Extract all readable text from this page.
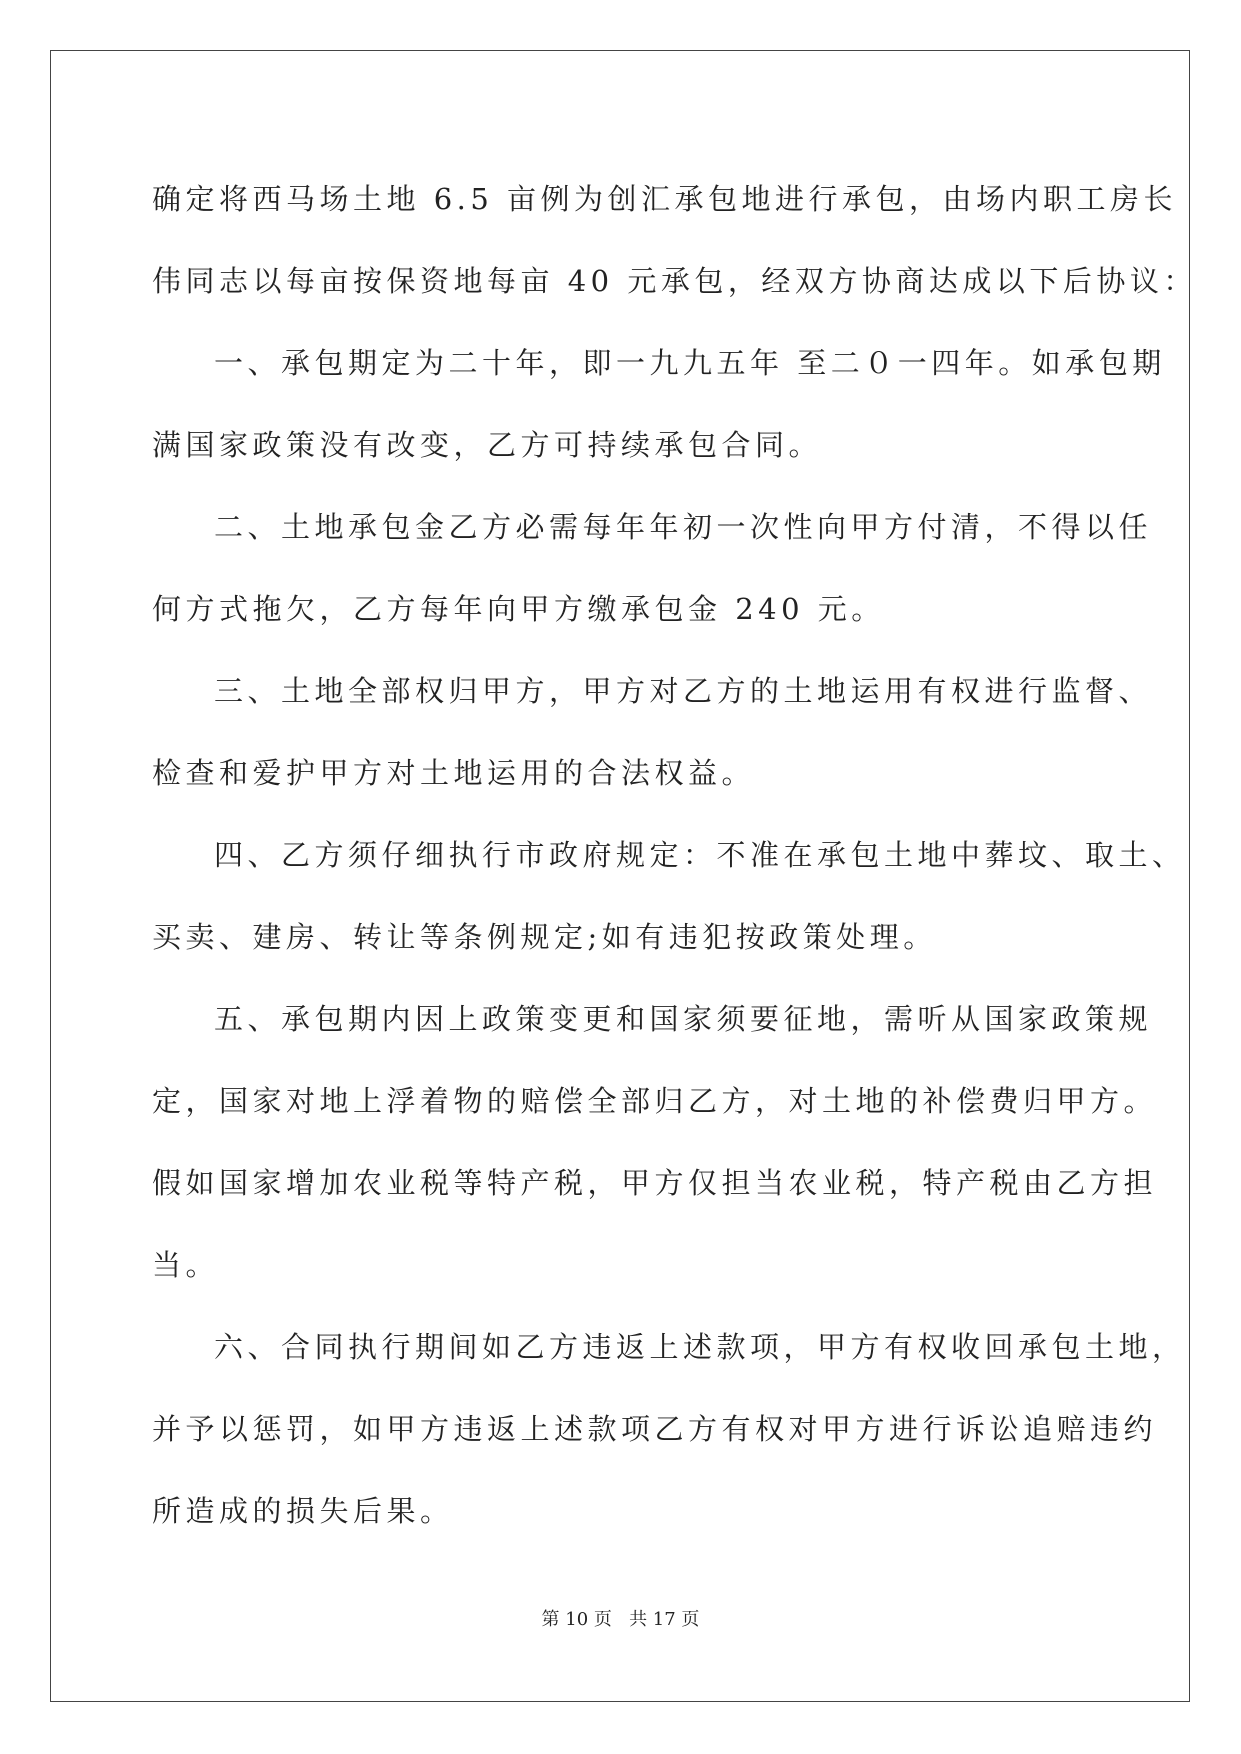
确定将西马场土地 6.5 亩例为创汇承包地进行承包，由场内职工房长
伟同志以每亩按保资地每亩 40 元承包，经双方协商达成以下后协议：
一、承包期定为二十年，即一九九五年 至二０一四年。如承包期
满国家政策没有改变，乙方可持续承包合同。
二、土地承包金乙方必需每年年初一次性向甲方付清，不得以任
何方式拖欠，乙方每年向甲方缴承包金 240 元。
三、土地全部权归甲方，甲方对乙方的土地运用有权进行监督、
检查和爱护甲方对土地运用的合法权益。
四、乙方须仔细执行市政府规定：不准在承包土地中葬坟、取土、
买卖、建房、转让等条例规定;如有违犯按政策处理。
五、承包期内因上政策变更和国家须要征地，需听从国家政策规
定，国家对地上浮着物的赔偿全部归乙方，对土地的补偿费归甲方。
假如国家增加农业税等特产税，甲方仅担当农业税，特产税由乙方担
当。
六、合同执行期间如乙方违返上述款项，甲方有权收回承包土地，
并予以惩罚，如甲方违返上述款项乙方有权对甲方进行诉讼追赔违约
所造成的损失后果。
第 10 页 共 17 页
